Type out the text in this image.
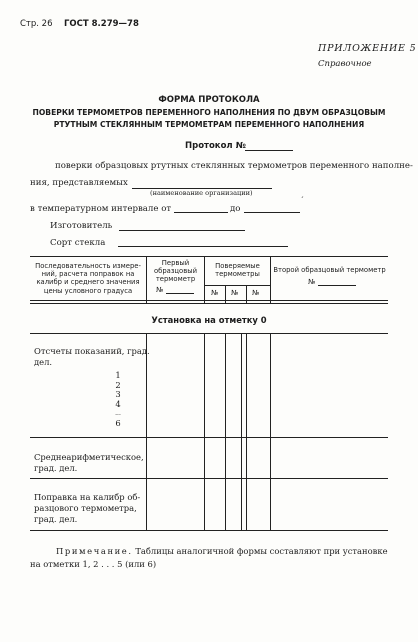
Стр. 26 ГОСТ 8.279—78
ПРИЛОЖЕНИЕ 5
Справочное
ФОРМА ПРОТОКОЛА
ПОВЕРКИ ТЕРМОМЕТРОВ ПЕРЕМЕННОГО НАПОЛНЕНИЯ ПО ДВУМ ОБРАЗЦОВЫМ
РТУТНЫМ СТЕКЛЯННЫМ ТЕРМОМЕТРАМ ПЕРЕМЕННОГО НАПОЛНЕНИЯ
Протокол №
поверки образцовых ртутных стеклянных термометров переменного наполне-
ния, представляемых
(наименование организации)
ˊ
в температурном интервале от	до
Изготовитель
Сорт стекла
Последовательность измере-
ний, расчета поправок на
калибр и среднего значения
цены условного градуса
Первый
образцовый
термометр
№
Поверяемые
термометры
№ № №
Второй образцовый термометр
№
Установка на отметку 0
Отсчеты показаний, град.
дел.
1
2
3
4
...
6
Среднеарифметическое,
град. дел.
Поправка на калибр об-
разцового термометра,
град. дел.
Примечание. Таблицы аналогичной формы составляют при установке
на отметки 1, 2 . . . 5 (или 6)
